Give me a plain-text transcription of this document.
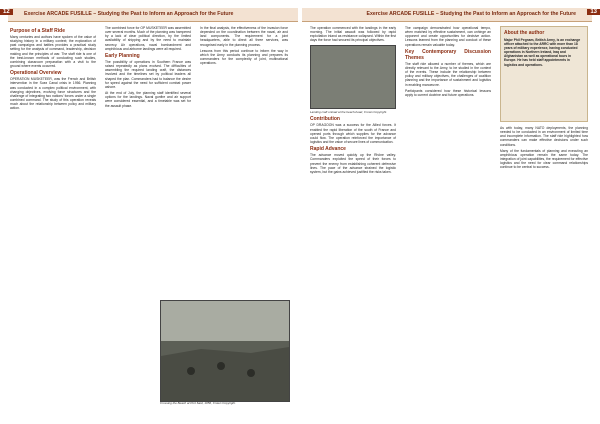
Exercise ARCADE FUSILLE – Studying the Past to Inform an Approach for the Future
12
Purpose of a Staff Ride

Many centuries and authors have spoken of the value of studying history in a military context; the exploration of past campaigns and battles provides a practical study setting for the analysis of command, leadership, decision making and the principles of war. The staff ride is one of the best-known methods of conducting such studies, combining classroom preparation with a visit to the ground where events occurred.

Operational Overview

OPERATION MUSKETEER, was the French and British intervention in the Suez Canal crisis in 1956. Planning was conducted in a complex political environment, with changing objectives, evolving force structures and the challenge of integrating two nations' forces under a single combined command. The study of this operation reveals much about the relationship between policy and military action.

The combined force for OP MUSKETEER was assembled over several months. Much of the planning was hampered by a lack of clear political direction, by the limited availability of shipping and by the need to maintain secrecy. Air operations, naval bombardment and amphibious and airborne landings were all required.

Early Planning

The possibility of operations in Southern France was raised repeatedly as plans evolved. The difficulties of assembling the required landing craft, the distances involved and the timelines set by political leaders all shaped the plan. Commanders had to balance the desire for speed against the need for sufficient combat power ashore.

At the end of July, the planning staff identified several options for the landings. Naval gunfire and air support were considered essential, and a timetable was set for the assault phase.

In the final analysis, the effectiveness of the invasion force depended on the coordination between the naval, air and land components. The requirement for a joint headquarters, able to direct all three services, was recognised early in the planning process.

Lessons from this period continue to inform the way in which the Army conducts its planning and prepares its commanders for the complexity of joint, multinational operations.

Crossing the Beach at Port Said, 1956, Crown Copyright.
Exercise ARCADE FUSILLE – Studying the Past to Inform an Approach for the Future	13

The operation commenced with the landings in the early morning. The initial assault was followed by rapid exploitation inland as resistance collapsed. Within the first days the force had secured its principal objectives.

Landing craft unload at the beach-head, Crown Copyright.
Contribution

OP DRAGOON was a success for the Allied forces. It enabled the rapid liberation of the south of France and opened ports through which supplies for the advance could flow. The operation reinforced the importance of logistics and the value of secure lines of communication.

Rapid Advance

The advance moved quickly up the Rhône valley. Commanders exploited the speed of their forces to prevent the enemy from establishing coherent defensive lines. The pace of the advance strained the logistic system, but the gains achieved justified the risks taken.

The campaign demonstrated how operational tempo, when matched by effective sustainment, can unhinge an opponent and create opportunities for decisive action. Lessons learned from the planning and conduct of these operations remain valuable today.

Key Contemporary Discussion Themes

The staff ride allowed a number of themes, which are directly relevant to the Army, to be studied in the context of the events. These include the relationship between policy and military objectives, the challenges of coalition planning and the importance of sustainment and logistics in enabling manoeuvre.

Participants considered how these historical lessons apply to current doctrine and future operations.

About the author
Major Phil Pegnam, British Army, is an exchange officer attached to the ARRC with more than 18 years of military experience, having conducted operations in Northern Ireland, Iraq and Afghanistan as well as operational tours in Europe. He has held staff appointments in logistics and operations.

As with today, many NATO deployments, the planning needed to be conducted in an environment of limited time and incomplete information. The staff ride highlighted how commanders can make effective decisions under such conditions.

Many of the fundamentals of planning and executing an amphibious operation remain the same today. The integration of joint capabilities, the requirement for effective logistics and the need for clear command relationships continue to be central to success.
